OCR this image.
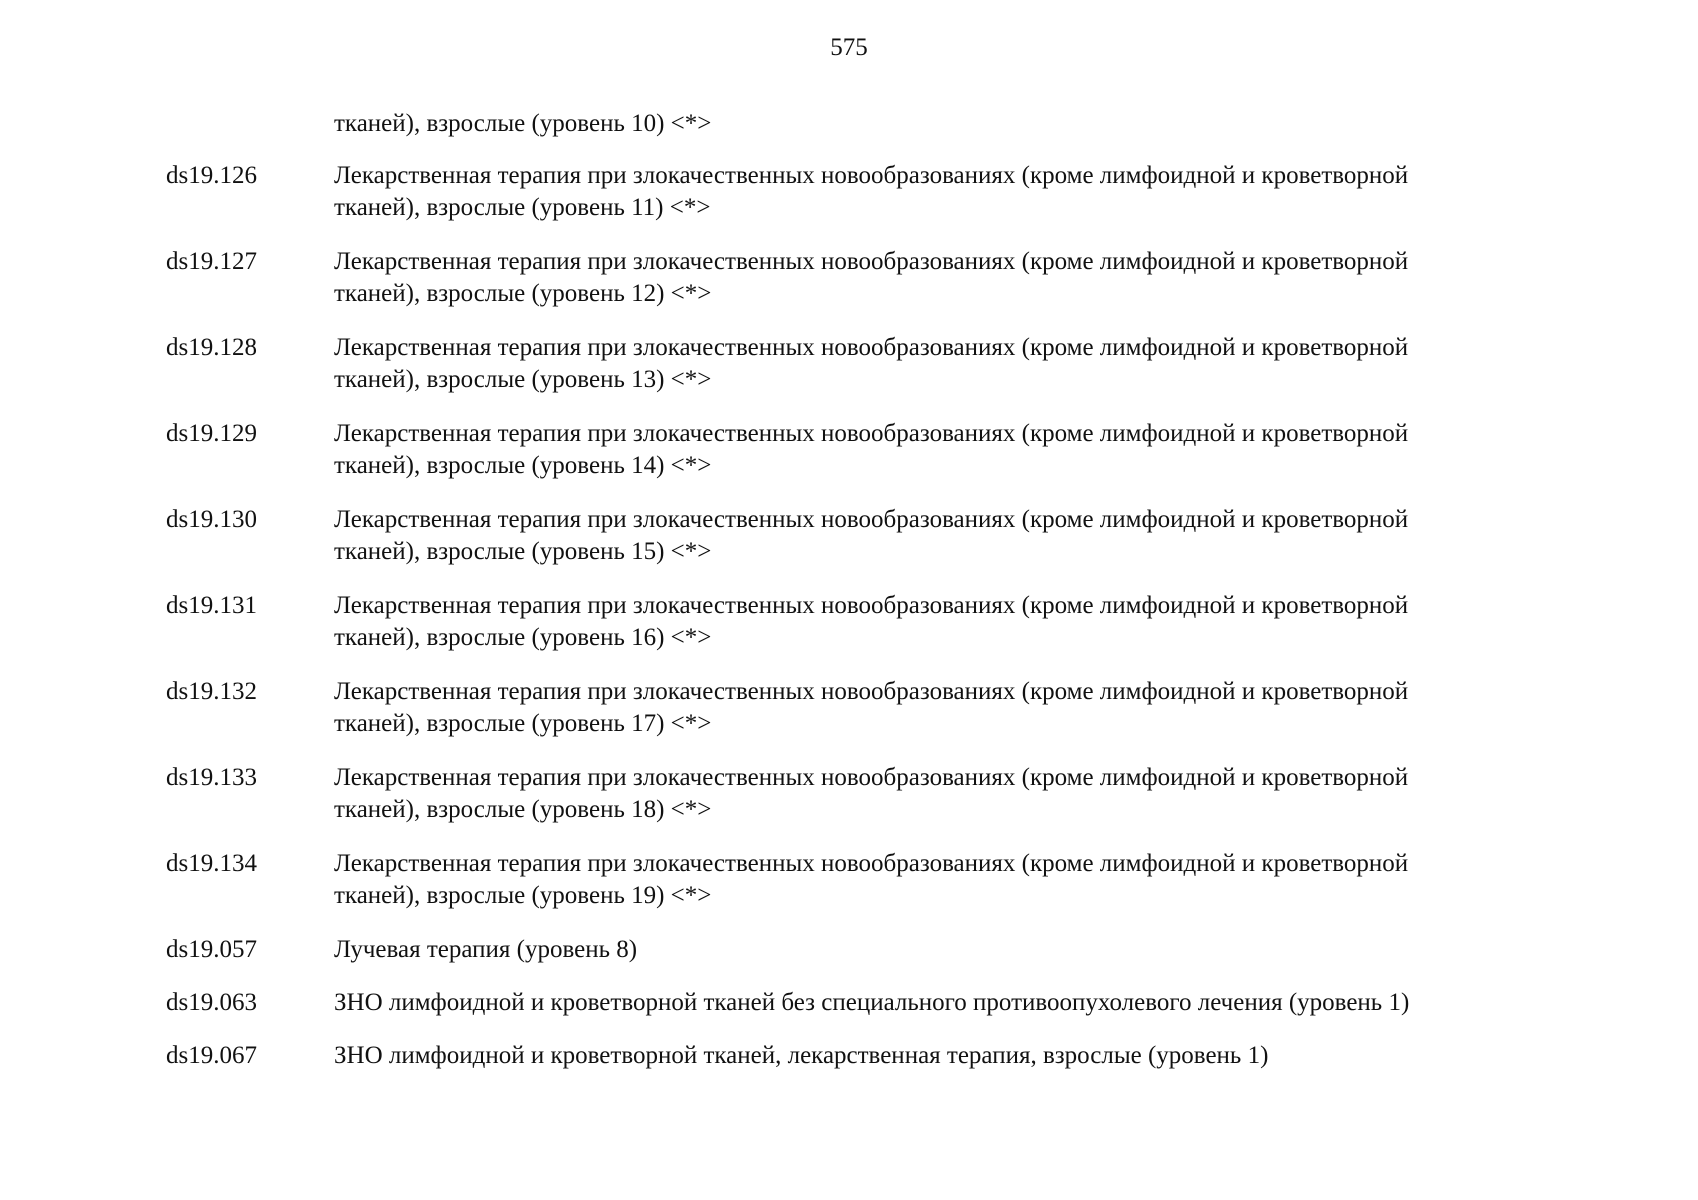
575
тканей), взрослые (уровень 10) <*>
ds19.126	Лекарственная терапия при злокачественных новообразованиях (кроме лимфоидной и кроветворной
тканей), взрослые (уровень 11) <*>
ds19.127	Лекарственная терапия при злокачественных новообразованиях (кроме лимфоидной и кроветворной
тканей), взрослые (уровень 12) <*>
ds19.128	Лекарственная терапия при злокачественных новообразованиях (кроме лимфоидной и кроветворной
тканей), взрослые (уровень 13) <*>
ds19.129	Лекарственная терапия при злокачественных новообразованиях (кроме лимфоидной и кроветворной
тканей), взрослые (уровень 14) <*>
ds19.130	Лекарственная терапия при злокачественных новообразованиях (кроме лимфоидной и кроветворной
тканей), взрослые (уровень 15) <*>
ds19.131	Лекарственная терапия при злокачественных новообразованиях (кроме лимфоидной и кроветворной
тканей), взрослые (уровень 16) <*>
ds19.132	Лекарственная терапия при злокачественных новообразованиях (кроме лимфоидной и кроветворной
тканей), взрослые (уровень 17) <*>
ds19.133	Лекарственная терапия при злокачественных новообразованиях (кроме лимфоидной и кроветворной
тканей), взрослые (уровень 18) <*>
ds19.134	Лекарственная терапия при злокачественных новообразованиях (кроме лимфоидной и кроветворной
тканей), взрослые (уровень 19) <*>
ds19.057	Лучевая терапия (уровень 8)
ds19.063	ЗНО лимфоидной и кроветворной тканей без специального противоопухолевого лечения (уровень 1)
ds19.067	ЗНО лимфоидной и кроветворной тканей, лекарственная терапия, взрослые (уровень 1)
